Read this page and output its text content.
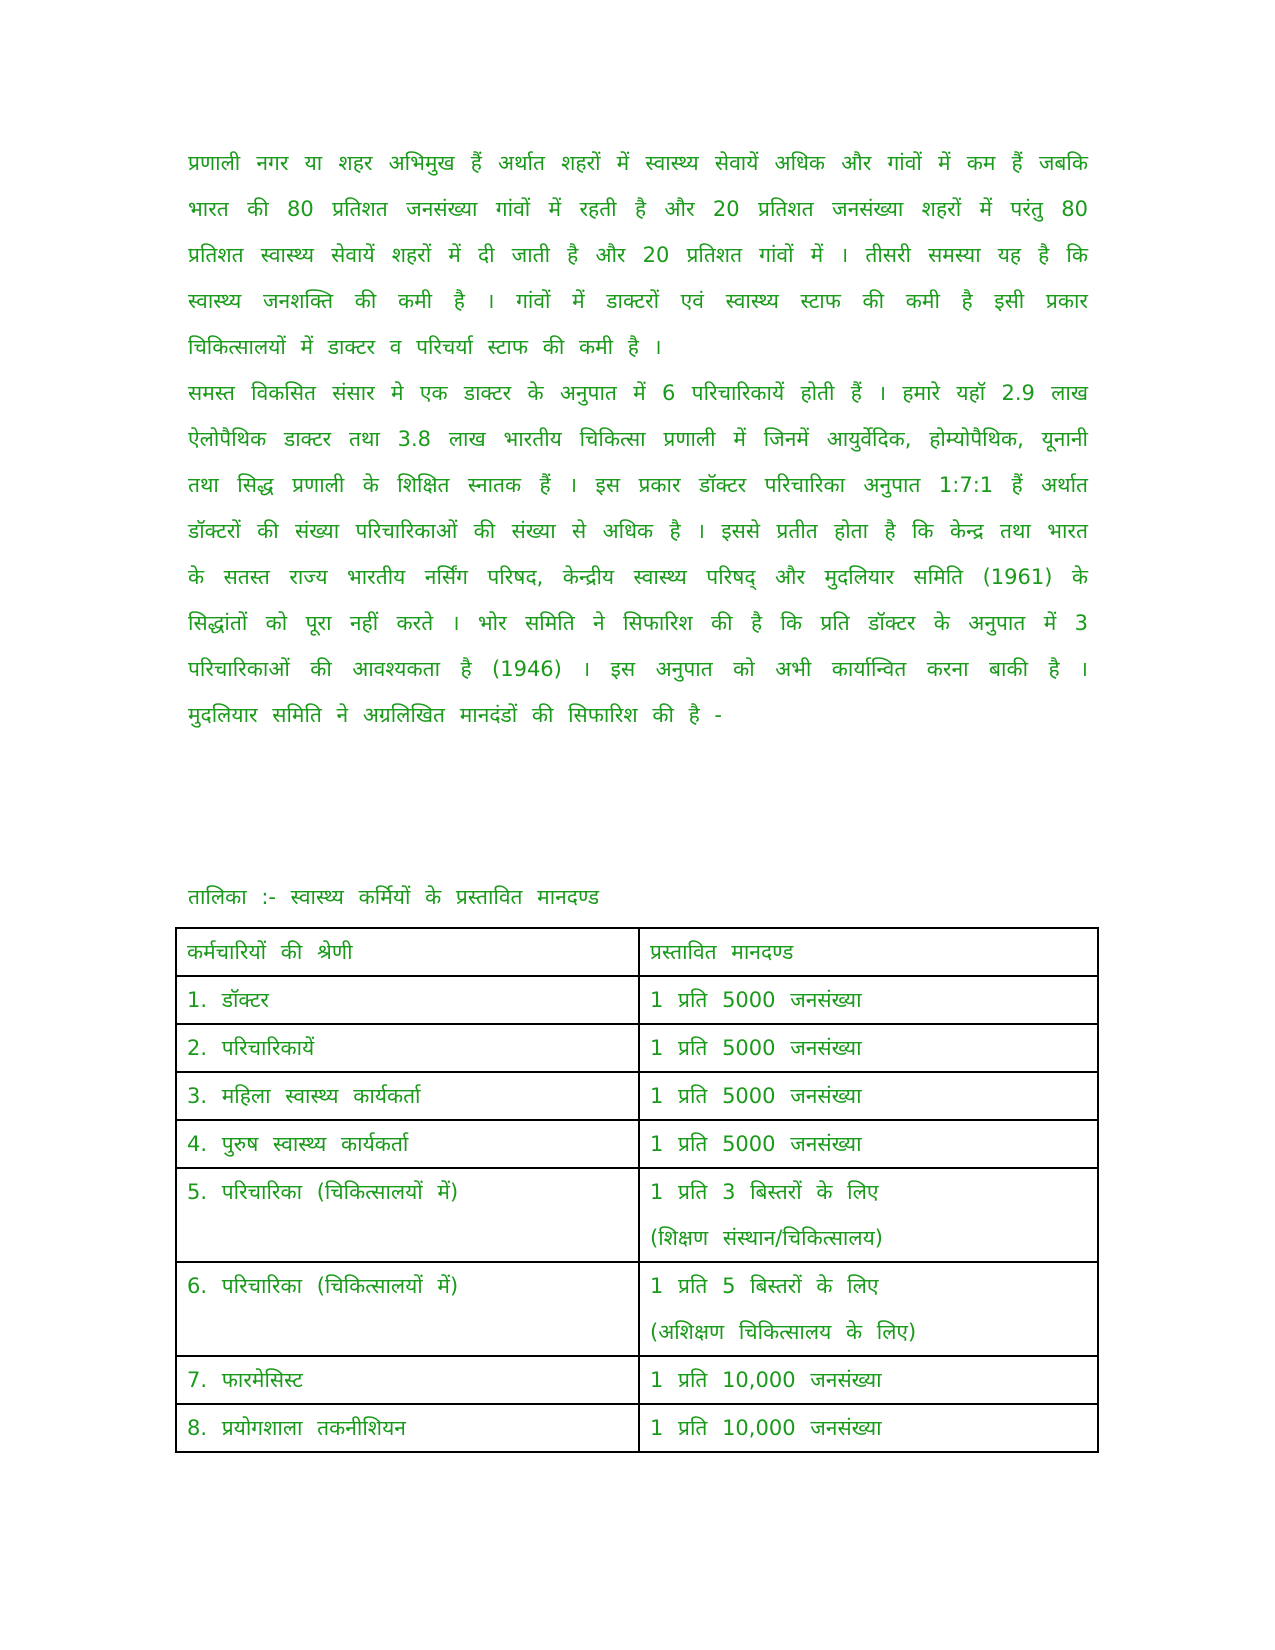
प्रणाली नगर या शहर अभिमुख हैं अर्थात शहरों में स्वास्थ्य सेवायें अधिक और गांवों में कम हैं जबकि भारत की 80 प्रतिशत जनसंख्या गांवों में रहती है और 20 प्रतिशत जनसंख्या शहरों में परंतु 80 प्रतिशत स्वास्थ्य सेवायें शहरों में दी जाती है और 20 प्रतिशत गांवों में । तीसरी समस्या यह है कि स्वास्थ्य जनशक्ति की कमी है । गांवों में डाक्टरों एवं स्वास्थ्य स्टाफ की कमी है इसी प्रकार चिकित्सालयों में डाक्टर व परिचर्या स्टाफ की कमी है ।

समस्त विकसित संसार मे एक डाक्टर के अनुपात में 6 परिचारिकायें होती हैं । हमारे यहॉ 2.9 लाख ऐलोपैथिक डाक्टर तथा 3.8 लाख भारतीय चिकित्सा प्रणाली में जिनमें आयुर्वेदिक, होम्योपैथिक, यूनानी तथा सिद्ध प्रणाली के शिक्षित स्नातक हैं । इस प्रकार डॉक्टर परिचारिका अनुपात 1:7:1 हैं अर्थात डॉक्टरों की संख्या परिचारिकाओं की संख्या से अधिक है । इससे प्रतीत होता है कि केन्द्र तथा भारत के सतस्त राज्य भारतीय नर्सिंग परिषद, केन्द्रीय स्वास्थ्य परिषद् और मुदलियार समिति (1961) के सिद्धांतों को पूरा नहीं करते । भोर समिति ने सिफारिश की है कि प्रति डॉक्टर के अनुपात में 3 परिचारिकाओं की आवश्यकता है (1946) । इस अनुपात को अभी कार्यान्वित करना बाकी है । मुदलियार समिति ने अग्रलिखित मानदंडों की सिफारिश की है -

तालिका :- स्वास्थ्य कर्मियों के प्रस्तावित मानदण्ड
कर्मचारियों की श्रेणी	प्रस्तावित मानदण्ड
1. डॉक्टर	1 प्रति 5000 जनसंख्या

2. परिचारिकायें	1 प्रति 5000 जनसंख्या

3. महिला स्वास्थ्य कार्यकर्ता	1 प्रति 5000 जनसंख्या

4. पुरुष स्वास्थ्य कार्यकर्ता	1 प्रति 5000 जनसंख्या

5. परिचारिका (चिकित्सालयों में)	1 प्रति 3 बिस्तरों के लिए
(शिक्षण संस्थान/चिकित्सालय)

6. परिचारिका (चिकित्सालयों में)	1 प्रति 5 बिस्तरों के लिए
(अशिक्षण चिकित्सालय के लिए)

7. फारमेसिस्ट	1 प्रति 10,000 जनसंख्या

8. प्रयोगशाला तकनीशियन	1 प्रति 10,000 जनसंख्या
